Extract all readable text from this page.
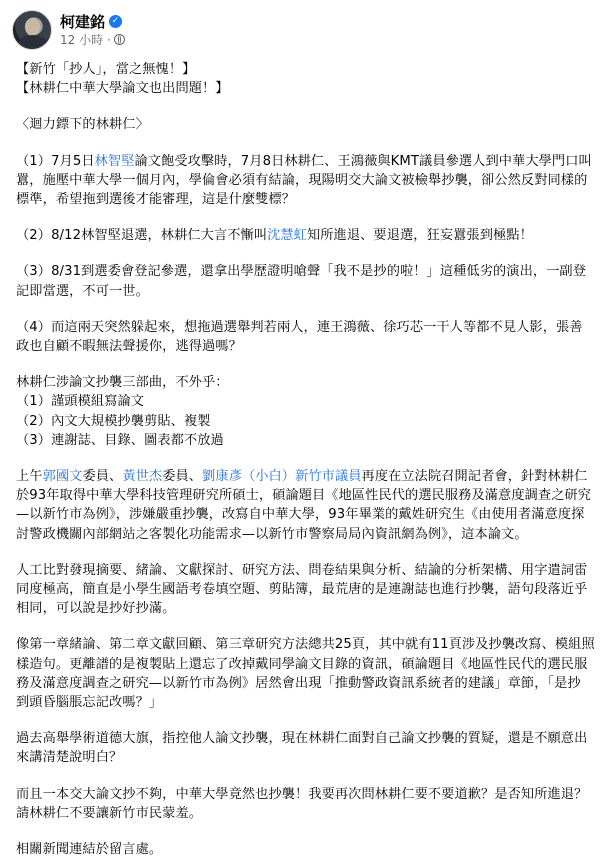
柯建銘 ✓
12 小時 ·
【新竹「抄人」，當之無愧！】
【林耕仁中華大學論文也出問題！】
〈迴力鏢下的林耕仁〉
（1）7月5日林智堅論文飽受攻擊時，7月8日林耕仁、王鴻薇與KMT議員參選人到中華大學門口叫
囂，施壓中華大學一個月內，學倫會必須有結論，現陽明交大論文被檢舉抄襲，卻公然反對同樣的
標準，希望拖到選後才能審理，這是什麼雙標？
（2）8/12林智堅退選，林耕仁大言不慚叫沈慧虹知所進退、要退選，狂妄囂張到極點！
（3）8/31到選委會登記參選，還拿出學歷證明嗆聲「我不是抄的啦！」這種低劣的演出，一副登
記即當選，不可一世。
（4）而這兩天突然躲起來，想拖過選舉判若兩人，連王鴻薇、徐巧芯一干人等都不見人影，張善
政也自顧不暇無法聲援你，逃得過嗎？
林耕仁涉論文抄襲三部曲，不外乎：
（1）謹頭模組寫論文
（2）內文大規模抄襲剪貼、複製
（3）連謝誌、目錄、圖表都不放過
上午郭國文委員、黃世杰委員、劉康彥（小白）新竹市議員再度在立法院召開記者會，針對林耕仁
於93年取得中華大學科技管理研究所碩士，碩論題目《地區性民代的選民服務及滿意度調查之研究
—以新竹市為例》，涉嫌嚴重抄襲，改寫自中華大學，93年畢業的戴姓研究生《由使用者滿意度探
討警政機關內部網站之客製化功能需求—以新竹市警察局局內資訊網為例》，這本論文。
人工比對發現摘要、緒論、文獻探討、研究方法、問卷結果與分析、結論的分析架構、用字遣詞雷
同度極高，簡直是小學生國語考卷填空題、剪貼簿，最荒唐的是連謝誌也進行抄襲，語句段落近乎
相同，可以說是抄好抄滿。
像第一章緒論、第二章文獻回顧、第三章研究方法總共25頁，其中就有11頁涉及抄襲改寫、模組照
樣造句。更離譜的是複製貼上還忘了改掉戴同學論文目錄的資訊，碩論題目《地區性民代的選民服
務及滿意度調查之研究—以新竹市為例》居然會出現「推動警政資訊系統者的建議」章節，「是抄
到頭昏腦脹忘記改嗎？」
過去高舉學術道德大旗，指控他人論文抄襲，現在林耕仁面對自己論文抄襲的質疑，還是不願意出
來講清楚說明白？
而且一本交大論文抄不夠，中華大學竟然也抄襲！我要再次問林耕仁要不要道歉？是否知所進退？
請林耕仁不要讓新竹市民蒙羞。
相關新聞連結於留言處。
